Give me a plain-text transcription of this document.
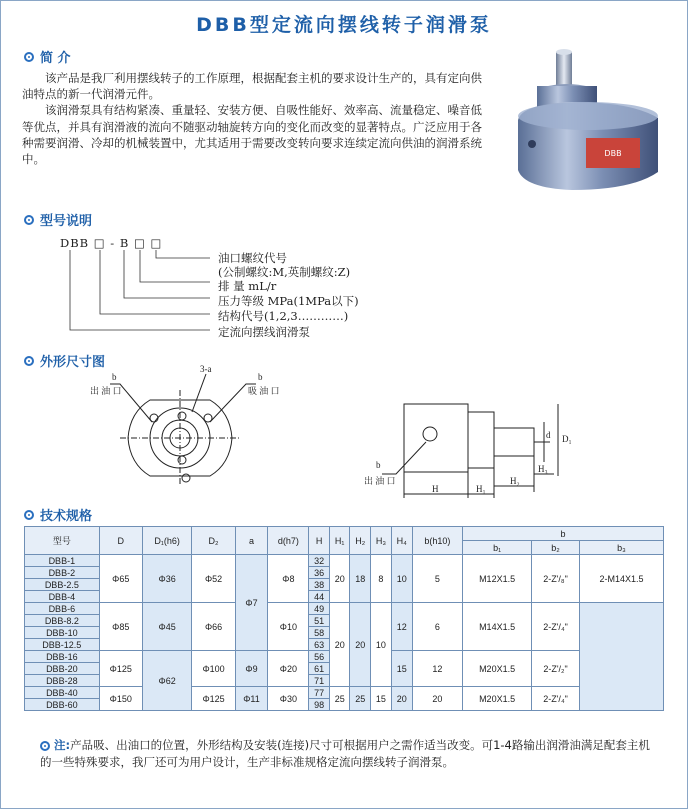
DBB型定流向摆线转子润滑泵
简 介

该产品是我厂利用摆线转子的工作原理，根据配套主机的要求设计生产的，具有定向供油特点的新一代润滑元件。

该润滑泵具有结构紧凑、重量轻、安装方便、自吸性能好、效率高、流量稳定、噪音低等优点，并具有润滑液的流向不随驱动轴旋转方向的变化而改变的显著特点。广泛应用于各种需要润滑、冷却的机械装置中，尤其适用于需要改变转向要求连续定流向供油的润滑系统中。	DBB
型号说明
DBB □ - B □ □
油口螺纹代号
(公制螺纹:M,英制螺纹:Z)
排 量 mL/r
压力等级 MPa(1MPa以下)
结构代号(1,2,3…………)
定流向摆线润滑泵
外形尺寸图
b
出 油 口
3-a
b
吸 油 口
b
出 油 口
d D₁
H₃
H	H₁
H₂
技术规格
型号	D	D₁(h6)	D₂	a	d(h7)	H	H₁	H₂	H₃	H₄	b(h10)	b		
												b₁	b₂	b₃
DBB-1	Φ65	Φ36	Φ52	Φ7	Φ8	32	20	18	8	10	5	M12X1.5	2-Z'/₈"	2-M14X1.5
DBB-2						36								
DBB-2.5						38								
DBB-4						44								
DBB-6	Φ85	Φ45	Φ66		Φ10	49	20	20	10	12	6	M14X1.5	2-Z'/₄"	
DBB-8.2						51								
DBB-10						58								
DBB-12.5						63								
DBB-16	Φ125	Φ62	Φ100	Φ9	Φ20	56				15	12	M20X1.5	2-Z'/₂"	
DBB-20						61								
DBB-28						71								
DBB-40	Φ150		Φ125	Φ11	Φ30	77	25	25	15	20	20	M20X1.5	2-Z'/₄"	
DBB-60						98								
注:产品吸、出油口的位置，外形结构及安装(连接)尺寸可根据用户之需作适当改变。可1-4路输出润滑油满足配套主机的一些特殊要求，我厂还可为用户设计，生产非标准规格定流向摆线转子润滑泵。
